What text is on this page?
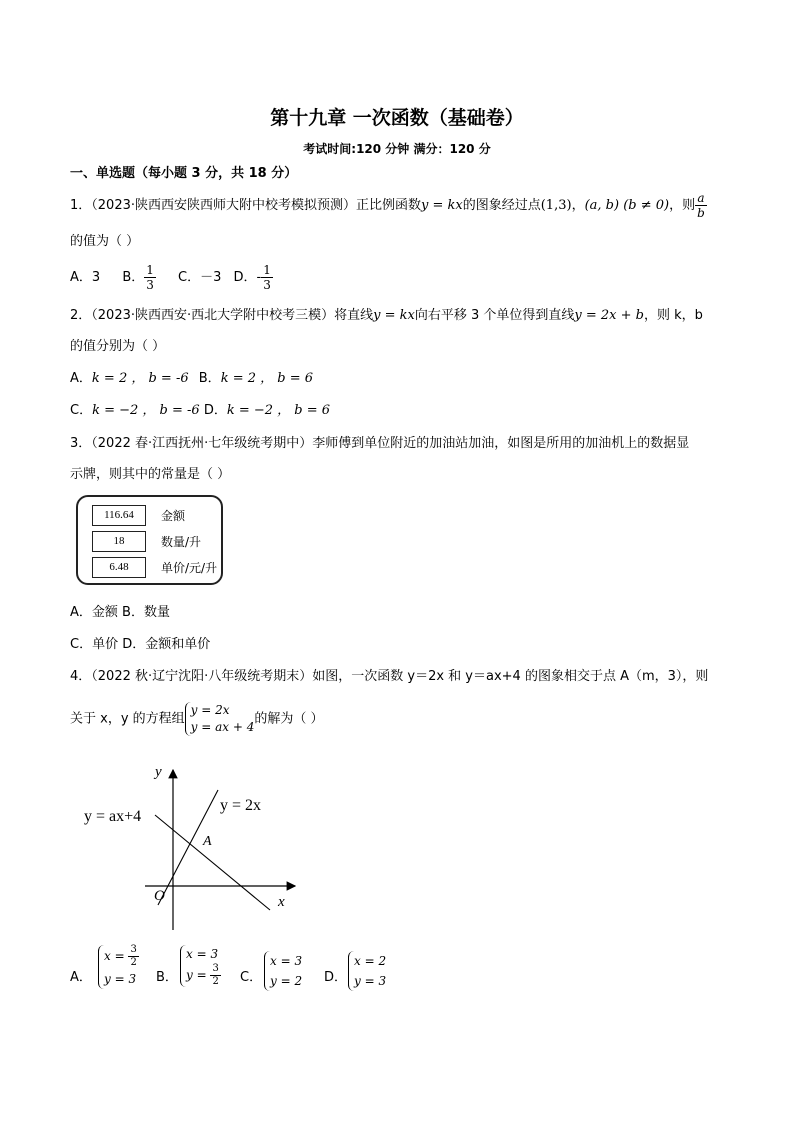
第十九章 一次函数（基础卷）
考试时间:120 分钟 满分：120 分
一、单选题（每小题 3 分，共 18 分）
1．（2023·陕西西安陕西师大附中校考模拟预测）正比例函数y = kx的图象经过点(1,3)，(a, b) (b ≠ 0)，则 $\frac{a}{b}$
的值为（ ）
A．3 B． $\frac{1}{3}$ C．－3 D．- $\frac{1}{3}$
2．（2023·陕西西安·西北大学附中校考三模）将直线y = kx向右平移 3 个单位得到直线y = 2x + b，则 k，b
的值分别为（ ）
A．k = 2 ， b = -6 B．k = 2 ， b = 6
C．k = −2 ， b = -6 D．k = −2 ， b = 6
3．（2022 春·江西抚州·七年级统考期中）李师傅到单位附近的加油站加油，如图是所用的加油机上的数据显
示牌，则其中的常量是（ ）
116.64	金额
18	数量/升
6.48	单价/元/升
A．金额 B．数量
C．单价 D．金额和单价
4．（2022 秋·辽宁沈阳·八年级统考期末）如图，一次函数 y＝2x 和 y＝ax+4 的图象相交于点 A（m，3），则
关于 x，y 的方程组
y = 2x
y = ax + 4
的解为（ ）
y
x
O
A
y = 2x
y = ax+4
A．
$x = \frac{3}{2}$
y = 3 B．
x = 3
$y = \frac{3}{2}$ C．
x = 3
y = 2 D．
x = 2
y = 3
